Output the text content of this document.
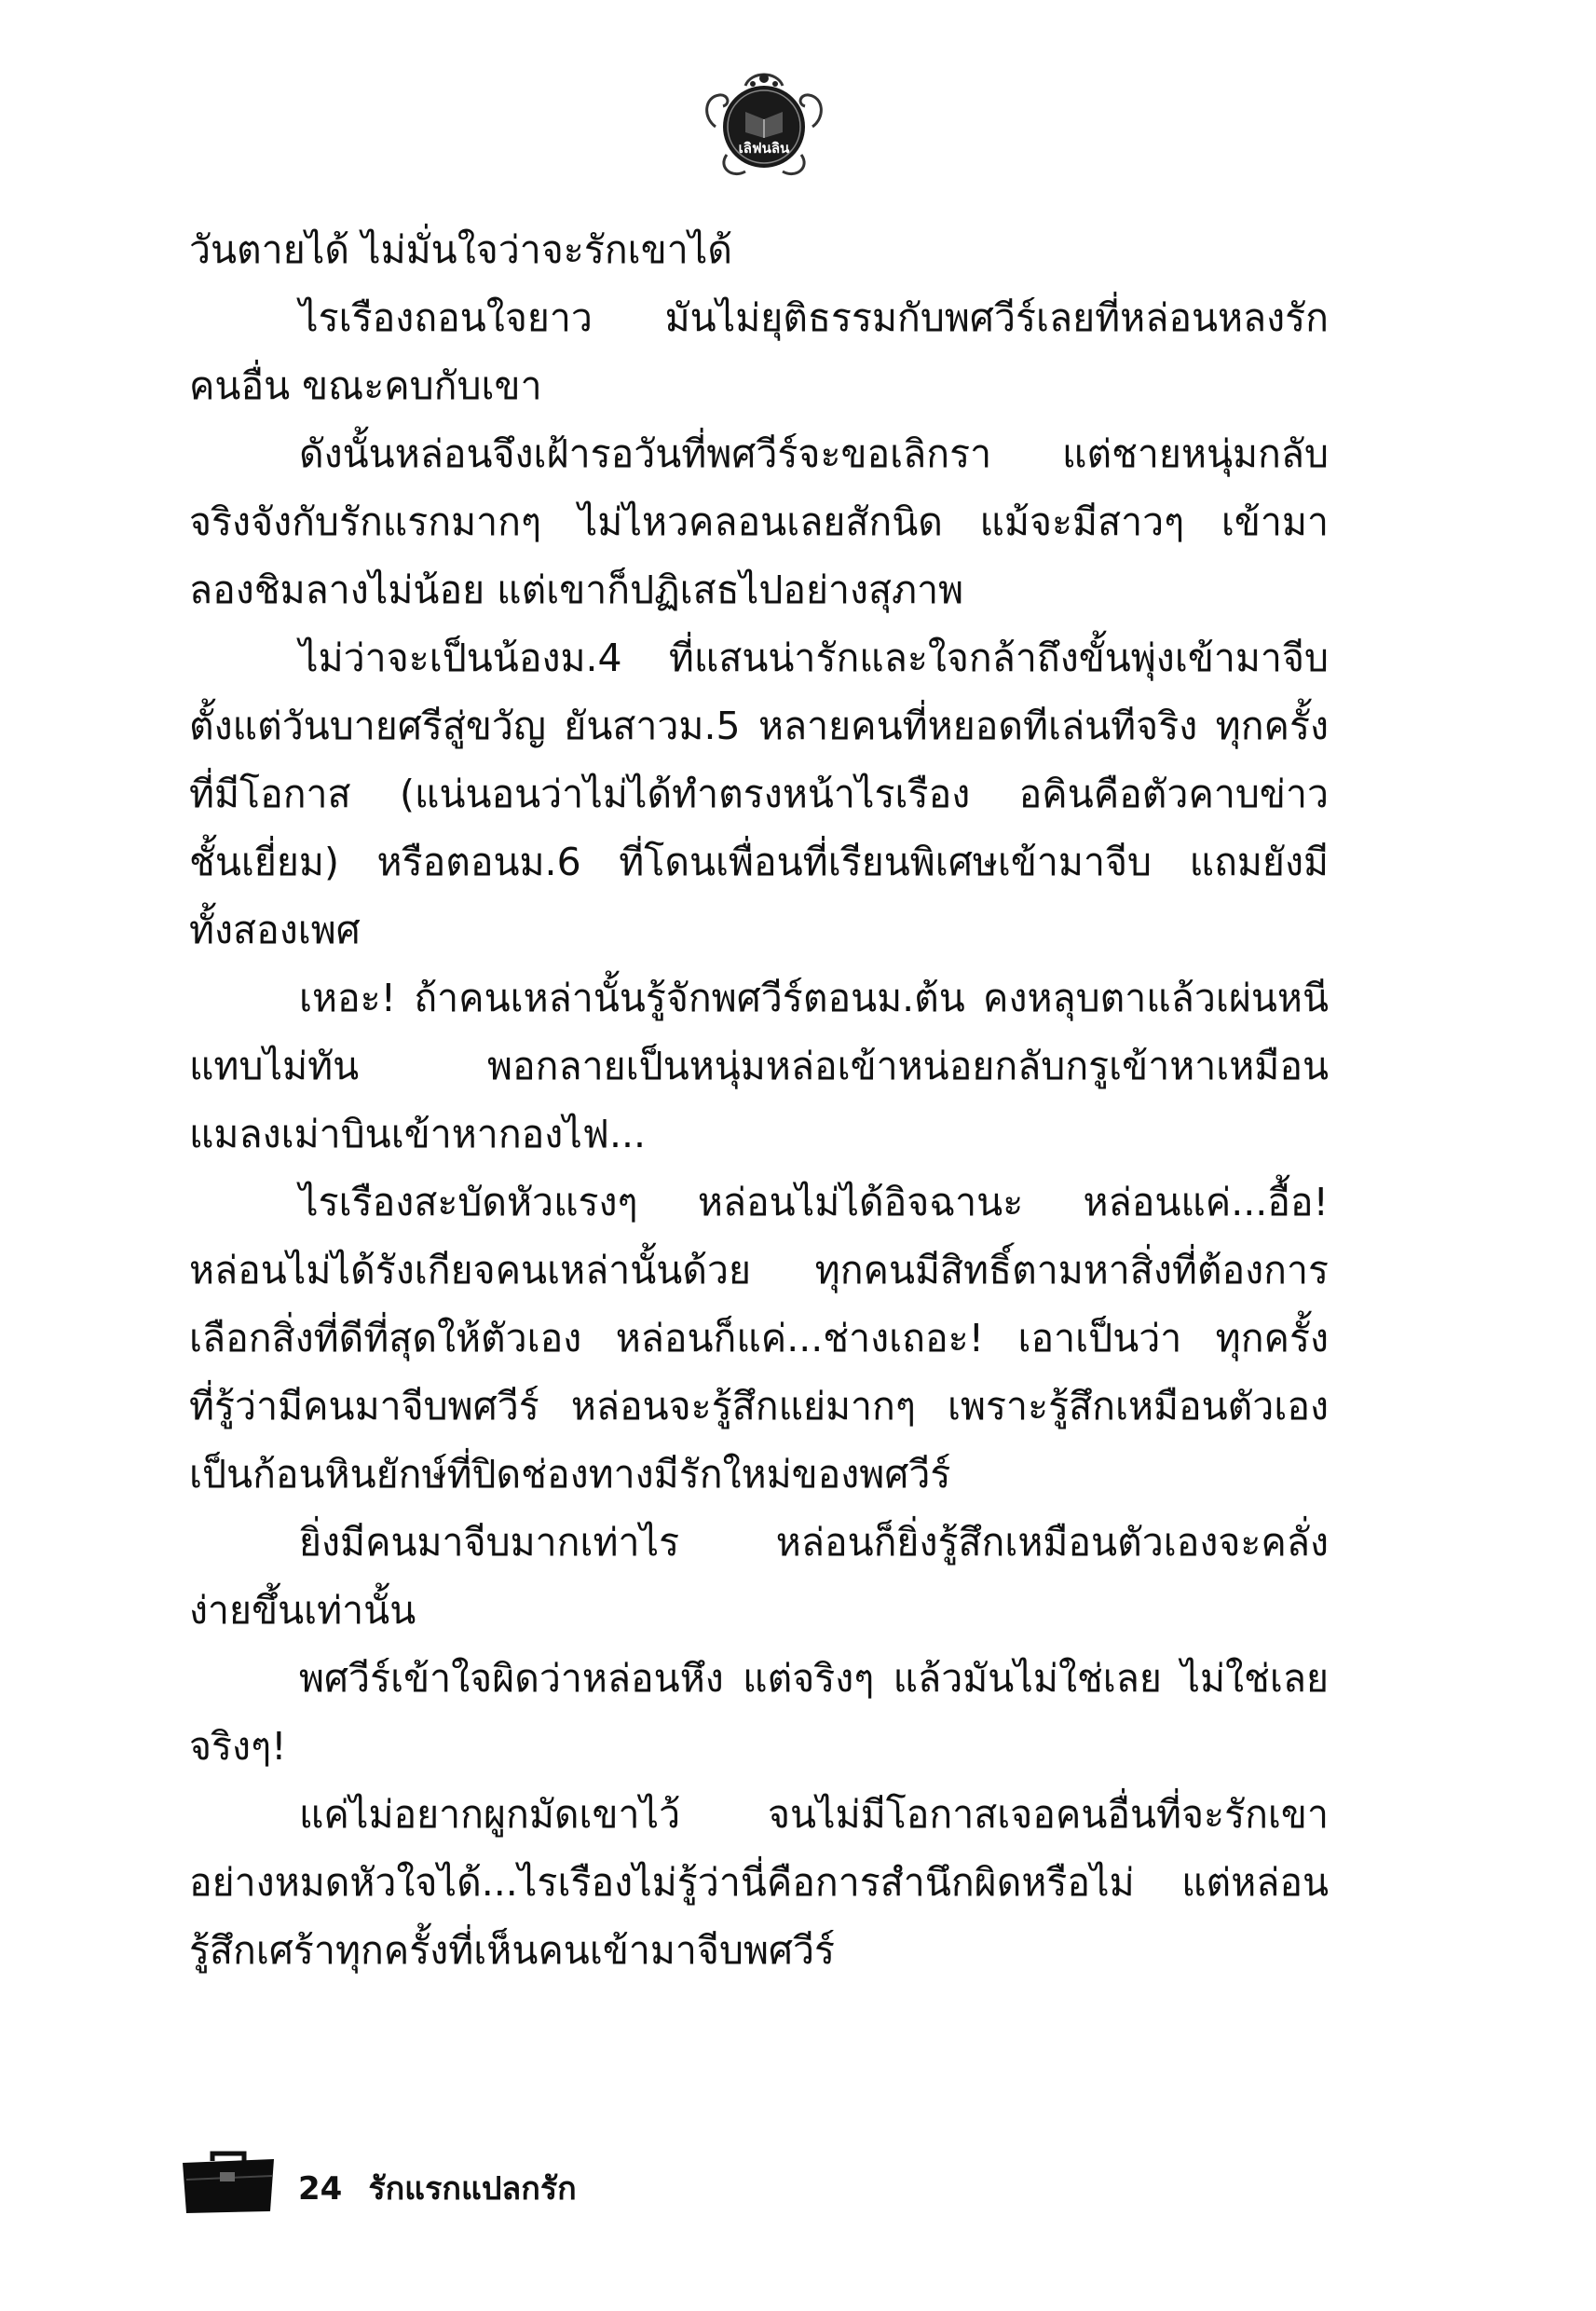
เลิฟนลิน
วันตายได้ ไม่มั่นใจว่าจะรักเขาได้
ไรเรืองถอนใจยาว มันไม่ยุติธรรมกับพศวีร์เลยที่หล่อนหลงรัก
คนอื่น ขณะคบกับเขา
ดังนั้นหล่อนจึงเฝ้ารอวันที่พศวีร์จะขอเลิกรา แต่ชายหนุ่มกลับ
จริงจังกับรักแรกมากๆ ไม่ไหวคลอนเลยสักนิด แม้จะมีสาวๆ เข้ามา
ลองชิมลางไม่น้อย แต่เขาก็ปฏิเสธไปอย่างสุภาพ
ไม่ว่าจะเป็นน้องม.4 ที่แสนน่ารักและใจกล้าถึงขั้นพุ่งเข้ามาจีบ
ตั้งแต่วันบายศรีสู่ขวัญ ยันสาวม.5 หลายคนที่หยอดทีเล่นทีจริง ทุกครั้ง
ที่มีโอกาส (แน่นอนว่าไม่ได้ทำตรงหน้าไรเรือง อคินคือตัวคาบข่าว
ชั้นเยี่ยม) หรือตอนม.6 ที่โดนเพื่อนที่เรียนพิเศษเข้ามาจีบ แถมยังมี
ทั้งสองเพศ
เหอะ! ถ้าคนเหล่านั้นรู้จักพศวีร์ตอนม.ต้น คงหลุบตาแล้วเผ่นหนี
แทบไม่ทัน พอกลายเป็นหนุ่มหล่อเข้าหน่อยกลับกรูเข้าหาเหมือน
แมลงเม่าบินเข้าหากองไฟ...
ไรเรืองสะบัดหัวแรงๆ หล่อนไม่ได้อิจฉานะ หล่อนแค่...อื้อ!
หล่อนไม่ได้รังเกียจคนเหล่านั้นด้วย ทุกคนมีสิทธิ์ตามหาสิ่งที่ต้องการ
เลือกสิ่งที่ดีที่สุดให้ตัวเอง หล่อนก็แค่...ช่างเถอะ! เอาเป็นว่า ทุกครั้ง
ที่รู้ว่ามีคนมาจีบพศวีร์ หล่อนจะรู้สึกแย่มากๆ เพราะรู้สึกเหมือนตัวเอง
เป็นก้อนหินยักษ์ที่ปิดช่องทางมีรักใหม่ของพศวีร์
ยิ่งมีคนมาจีบมากเท่าไร หล่อนก็ยิ่งรู้สึกเหมือนตัวเองจะคลั่ง
ง่ายขึ้นเท่านั้น
พศวีร์เข้าใจผิดว่าหล่อนหึง แต่จริงๆ แล้วมันไม่ใช่เลย ไม่ใช่เลย
จริงๆ!
แค่ไม่อยากผูกมัดเขาไว้ จนไม่มีโอกาสเจอคนอื่นที่จะรักเขา
อย่างหมดหัวใจได้...ไรเรืองไม่รู้ว่านี่คือการสำนึกผิดหรือไม่ แต่หล่อน
รู้สึกเศร้าทุกครั้งที่เห็นคนเข้ามาจีบพศวีร์
24 รักแรกแปลกรัก
